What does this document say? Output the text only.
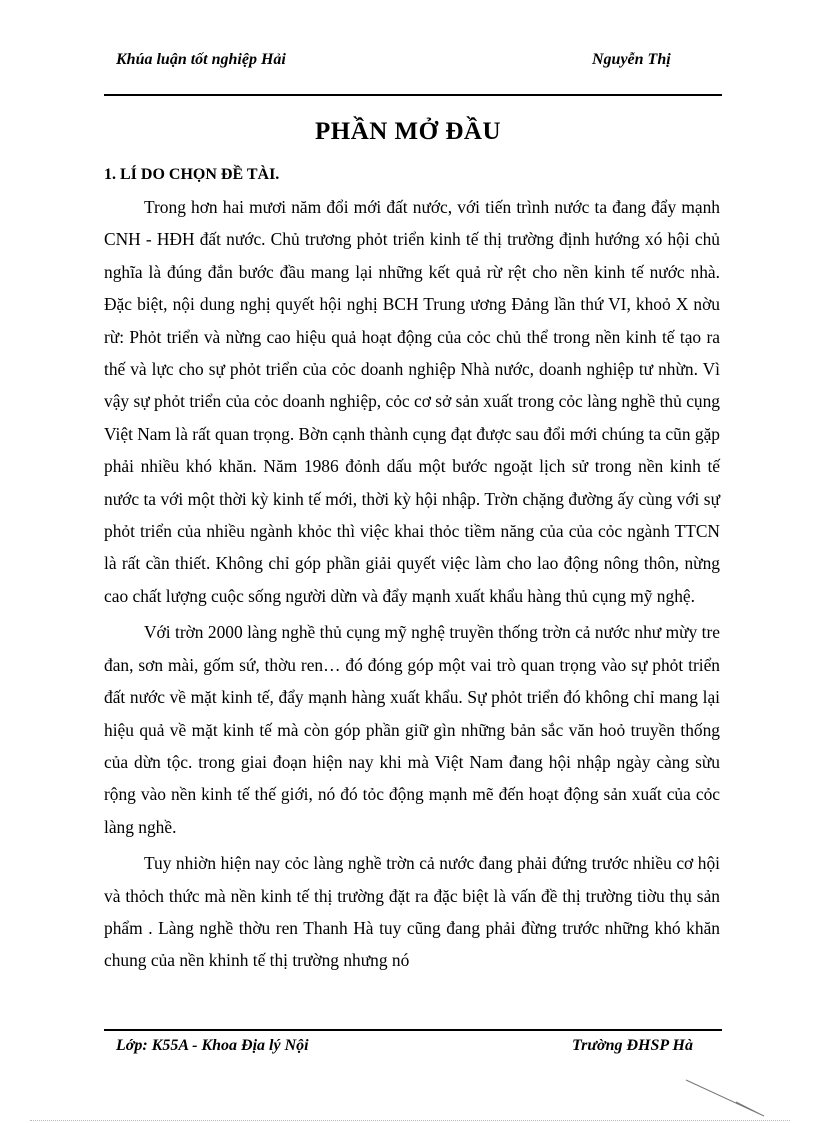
Khúa luận tốt nghiệp Hải	Nguyễn Thị
PHẦN MỞ ĐẦU
1. LÍ DO CHỌN ĐỀ TÀI.

Trong hơn hai mươi năm đổi mới đất nước, với tiến trình nước ta đang đẩy mạnh CNH - HĐH đất nước. Chủ trương phỏt triển kinh tế thị trường định hướng xó hội chủ nghĩa là đúng đắn bước đầu mang lại những kết quả rừ rệt cho nền kinh tế nước nhà. Đặc biệt, nội dung nghị quyết hội nghị BCH Trung ương Đảng lần thứ VI, khoỏ X nờu rừ: Phỏt triển và nừng cao hiệu quả hoạt động của cỏc chủ thể trong nền kinh tế tạo ra thế và lực cho sự phỏt triển của cỏc doanh nghiệp Nhà nước, doanh nghiệp tư nhừn. Vì vậy sự phỏt triển của cỏc doanh nghiệp, cỏc cơ sở sản xuất trong cỏc làng nghề thủ cụng Việt Nam là rất quan trọng. Bờn cạnh thành cụng đạt được sau đổi mới chúng ta cũn gặp phải nhiều khó khăn. Năm 1986 đỏnh dấu một bước ngoặt lịch sử trong nền kinh tế nước ta với một thời kỳ kinh tế mới, thời kỳ hội nhập. Trờn chặng đường ấy cùng với sự phỏt triển của nhiều ngành khỏc thì việc khai thỏc tiềm năng của của cỏc ngành TTCN là rất cần thiết. Không chỉ góp phần giải quyết việc làm cho lao động nông thôn, nừng cao chất lượng cuộc sống người dừn và đẩy mạnh xuất khẩu hàng thủ cụng mỹ nghệ.

Với trờn 2000 làng nghề thủ cụng mỹ nghệ truyền thống trờn cả nước như mừy tre đan, sơn mài, gốm sứ, thờu ren… đó đóng góp một vai trò quan trọng vào sự phỏt triển đất nước về mặt kinh tế, đẩy mạnh hàng xuất khẩu. Sự phỏt triển đó không chỉ mang lại hiệu quả về mặt kinh tế mà còn góp phần giữ gìn những bản sắc văn hoỏ truyền thống của dừn tộc. trong giai đoạn hiện nay khi mà Việt Nam đang hội nhập ngày càng sừu rộng vào nền kinh tế thế giới, nó đó tỏc động mạnh mẽ đến hoạt động sản xuất của cỏc làng nghề.

Tuy nhiờn hiện nay cỏc làng nghề trờn cả nước đang phải đứng trước nhiều cơ hội và thỏch thức mà nền kinh tế thị trường đặt ra đặc biệt là vấn đề thị trường tiờu thụ sản phẩm . Làng nghề thờu ren Thanh Hà tuy cũng đang phải đừng trước những khó khăn chung của nền khinh tế thị trường nhưng nó

Lớp: K55A - Khoa Địa lý Nội	Trường ĐHSP Hà
